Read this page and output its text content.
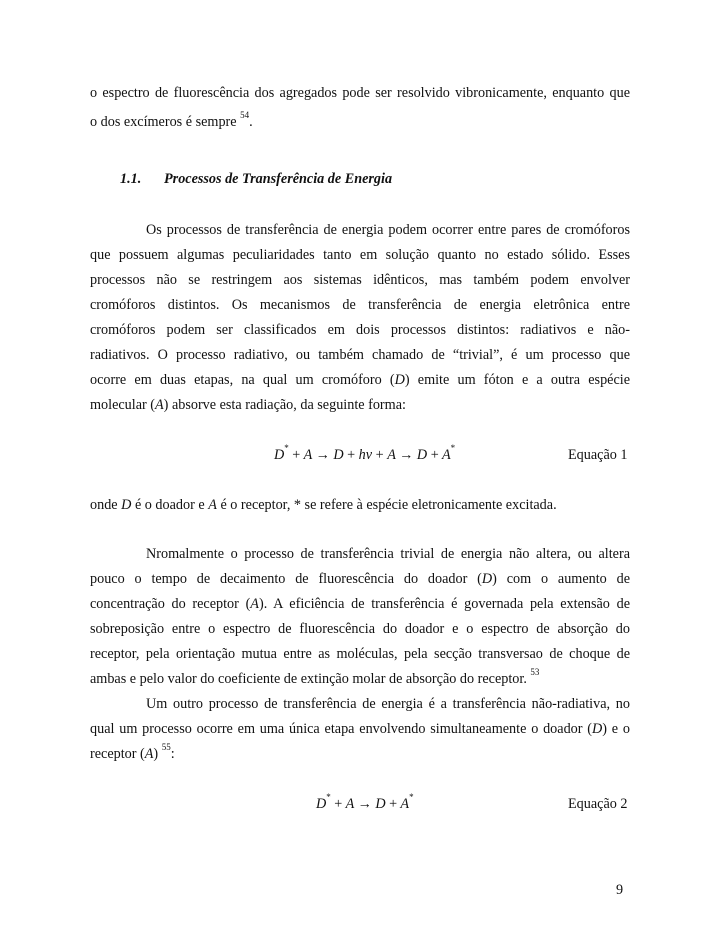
o espectro de fluorescência dos agregados pode ser resolvido vibronicamente, enquanto que
o dos excímeros é sempre $^{54}$.
1.1. Processos de Transferência de Energia
Os processos de transferência de energia podem ocorrer entre pares de cromóforos
que possuem algumas peculiaridades tanto em solução quanto no estado sólido. Esses
processos não se restringem aos sistemas idênticos, mas também podem envolver
cromóforos distintos. Os mecanismos de transferência de energia eletrônica entre
cromóforos podem ser classificados em dois processos distintos: radiativos e não-
radiativos. O processo radiativo, ou também chamado de “trivial”, é um processo que
ocorre em duas etapas, na qual um cromóforo (D) emite um fóton e a outra espécie
molecular (A) absorve esta radiação, da seguinte forma:
D* + A → D + hν + A → D + A*	Equação 1
onde D é o doador e A é o receptor, * se refere à espécie eletronicamente excitada.
Nromalmente o processo de transferência trivial de energia não altera, ou altera
pouco o tempo de decaimento de fluorescência do doador (D) com o aumento de
concentração do receptor (A). A eficiência de transferência é governada pela extensão de
sobreposição entre o espectro de fluorescência do doador e o espectro de absorção do
receptor, pela orientação mutua entre as moléculas, pela secção transversao de choque de
ambas e pelo valor do coeficiente de extinção molar de absorção do receptor. $^{53}$
Um outro processo de transferência de energia é a transferência não-radiativa, no
qual um processo ocorre em uma única etapa envolvendo simultaneamente o doador (D) e o
receptor (A) $^{55}$:
D* + A → D + A*	Equação 2
9
